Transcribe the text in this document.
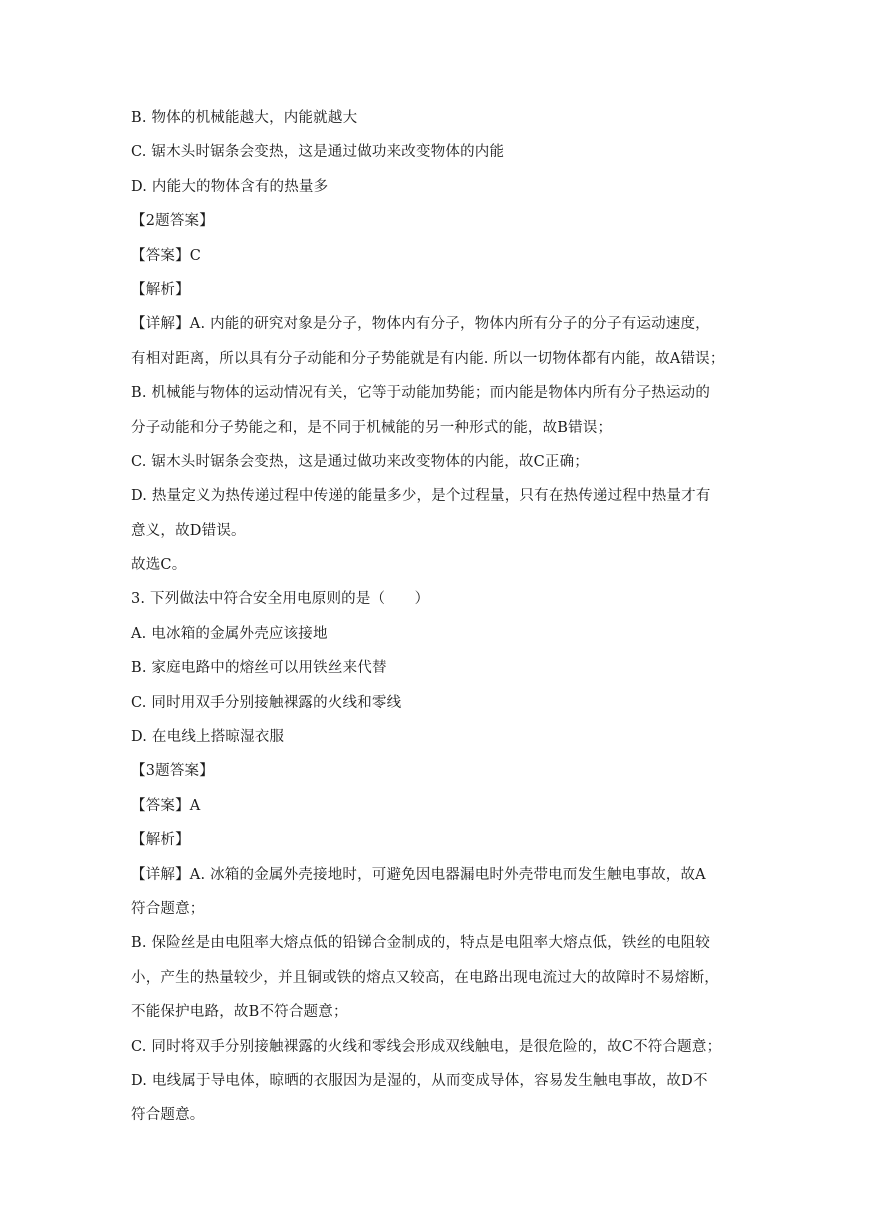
B. 物体的机械能越大，内能就越大
C. 锯木头时锯条会变热，这是通过做功来改变物体的内能
D. 内能大的物体含有的热量多
【2题答案】
【答案】C
【解析】
【详解】A. 内能的研究对象是分子，物体内有分子，物体内所有分子的分子有运动速度，
有相对距离，所以具有分子动能和分子势能就是有内能. 所以一切物体都有内能，故A错误；
B. 机械能与物体的运动情况有关，它等于动能加势能；而内能是物体内所有分子热运动的
分子动能和分子势能之和，是不同于机械能的另一种形式的能，故B错误；
C. 锯木头时锯条会变热，这是通过做功来改变物体的内能，故C正确；
D. 热量定义为热传递过程中传递的能量多少，是个过程量，只有在热传递过程中热量才有
意义，故D错误。
故选C。
3. 下列做法中符合安全用电原则的是（　　）
A. 电冰箱的金属外壳应该接地
B. 家庭电路中的熔丝可以用铁丝来代替
C. 同时用双手分别接触裸露的火线和零线
D. 在电线上搭晾湿衣服
【3题答案】
【答案】A
【解析】
【详解】A. 冰箱的金属外壳接地时，可避免因电器漏电时外壳带电而发生触电事故，故A
符合题意；
B. 保险丝是由电阻率大熔点低的铅锑合金制成的，特点是电阻率大熔点低，铁丝的电阻较
小，产生的热量较少，并且铜或铁的熔点又较高，在电路出现电流过大的故障时不易熔断，
不能保护电路，故B不符合题意；
C. 同时将双手分别接触裸露的火线和零线会形成双线触电，是很危险的，故C不符合题意；
D. 电线属于导电体，晾晒的衣服因为是湿的，从而变成导体，容易发生触电事故，故D不
符合题意。
